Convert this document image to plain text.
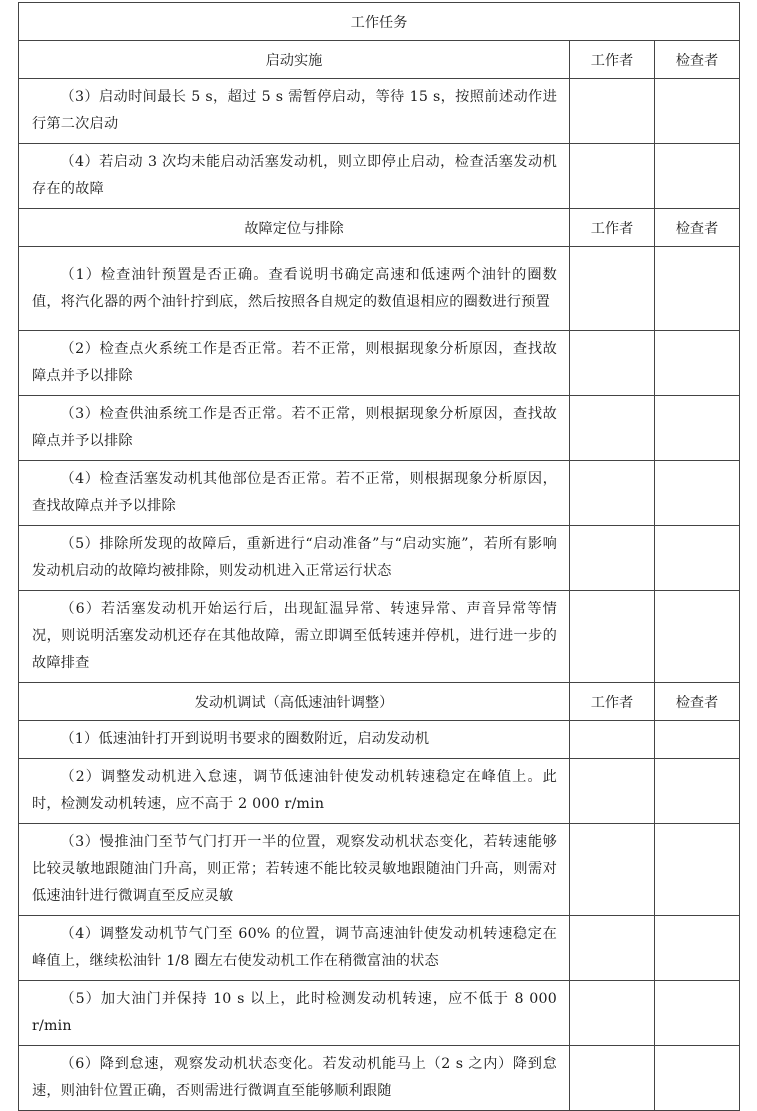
工作任务		
启动实施	工作者	检查者
（3）启动时间最长 5 s，超过 5 s 需暂停启动，等待 15 s，按照前述动作进行第二次启动		
（4）若启动 3 次均未能启动活塞发动机，则立即停止启动，检查活塞发动机存在的故障		
故障定位与排除	工作者	检查者
（1）检查油针预置是否正确。查看说明书确定高速和低速两个油针的圈数值，将汽化器的两个油针拧到底，然后按照各自规定的数值退相应的圈数进行预置		
（2）检查点火系统工作是否正常。若不正常，则根据现象分析原因，查找故障点并予以排除		
（3）检查供油系统工作是否正常。若不正常，则根据现象分析原因，查找故障点并予以排除		
（4）检查活塞发动机其他部位是否正常。若不正常，则根据现象分析原因，查找故障点并予以排除		
（5）排除所发现的故障后，重新进行“启动准备”与“启动实施”，若所有影响发动机启动的故障均被排除，则发动机进入正常运行状态		
（6）若活塞发动机开始运行后，出现缸温异常、转速异常、声音异常等情况，则说明活塞发动机还存在其他故障，需立即调至低转速并停机，进行进一步的故障排查		
发动机调试（高低速油针调整）	工作者	检查者
（1）低速油针打开到说明书要求的圈数附近，启动发动机		
（2）调整发动机进入怠速，调节低速油针使发动机转速稳定在峰值上。此时，检测发动机转速，应不高于 2 000 r/min		
（3）慢推油门至节气门打开一半的位置，观察发动机状态变化，若转速能够比较灵敏地跟随油门升高，则正常；若转速不能比较灵敏地跟随油门升高，则需对低速油针进行微调直至反应灵敏		
（4）调整发动机节气门至 60% 的位置，调节高速油针使发动机转速稳定在峰值上，继续松油针 1/8 圈左右使发动机工作在稍微富油的状态		
（5）加大油门并保持 10 s 以上，此时检测发动机转速，应不低于 8 000 r/min		
（6）降到怠速，观察发动机状态变化。若发动机能马上（2 s 之内）降到怠速，则油针位置正确，否则需进行微调直至能够顺利跟随		
